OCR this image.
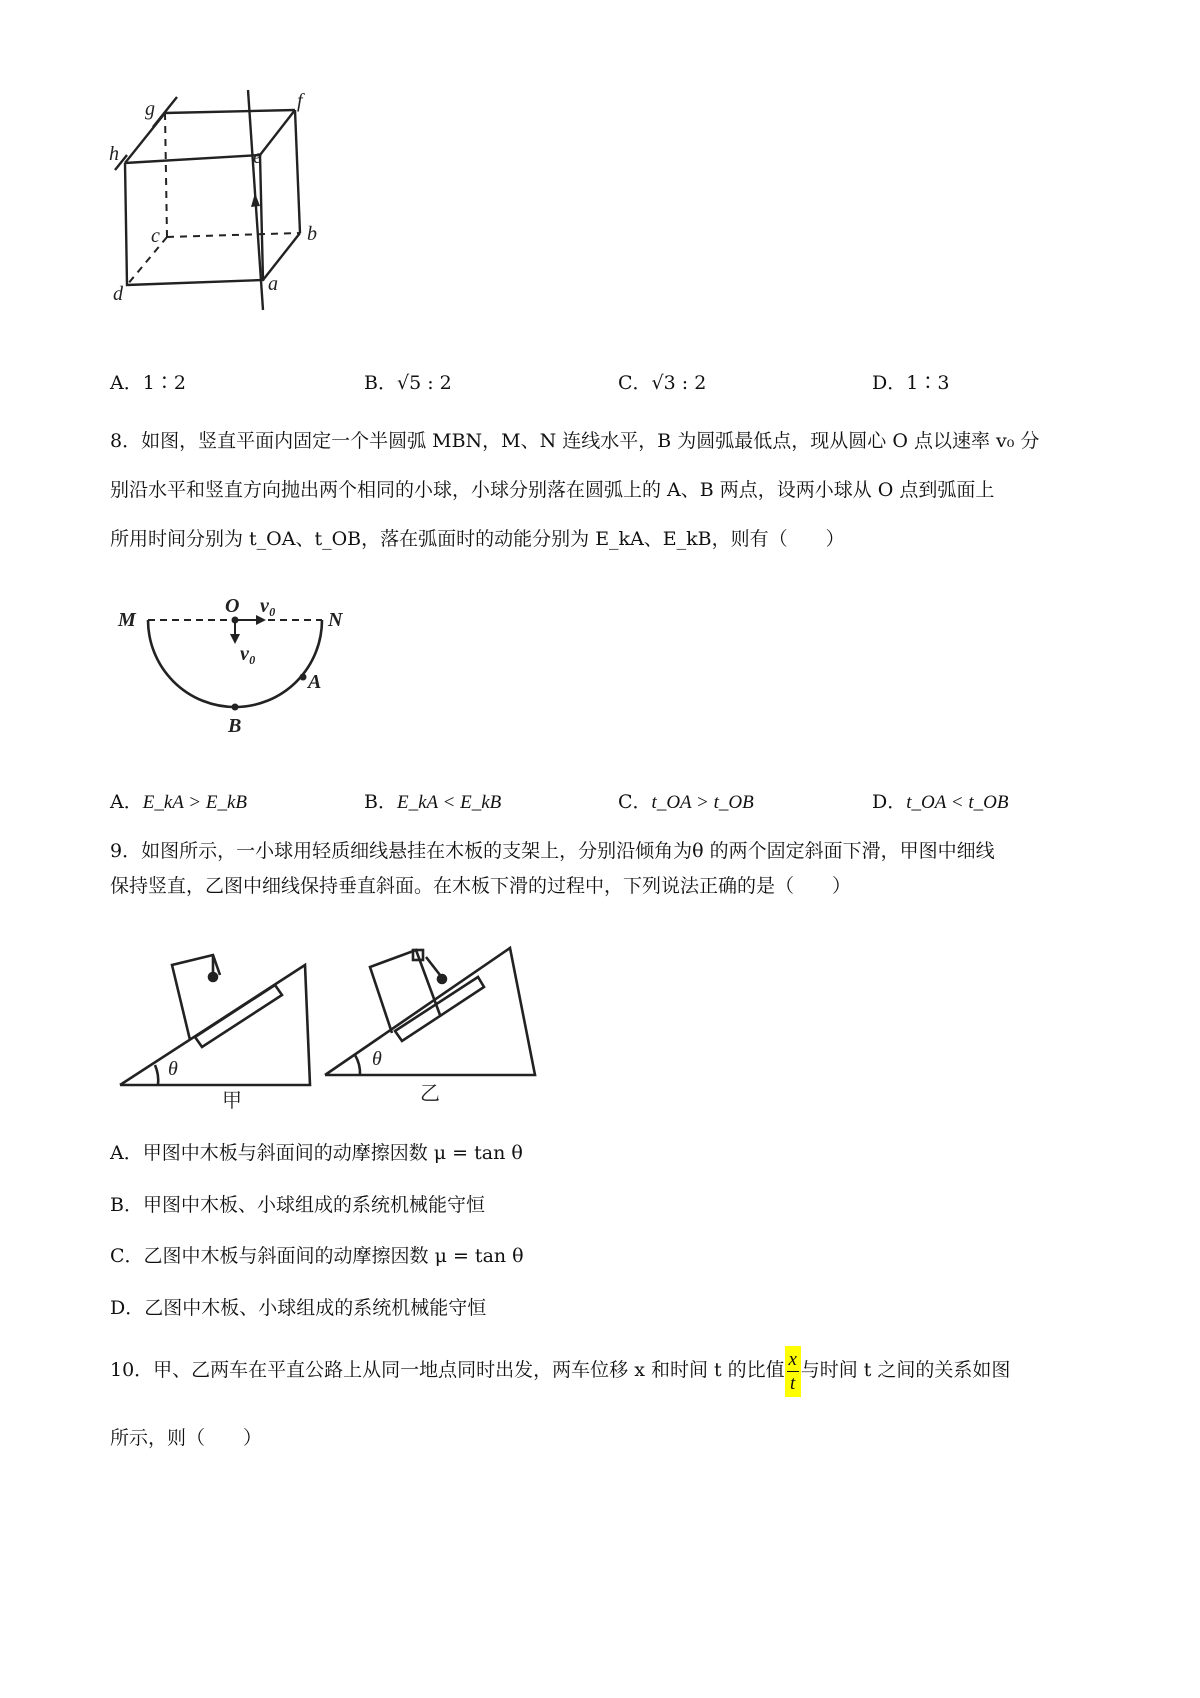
g	f
h	e
c	b
d	a
A．1∶2	B．√5 : 2	C．√3 : 2	D．1∶3
8．如图，竖直平面内固定一个半圆弧 MBN，M、N 连线水平，B 为圆弧最低点，现从圆心 O 点以速率 v₀ 分
别沿水平和竖直方向抛出两个相同的小球，小球分别落在圆弧上的 A、B 两点，设两小球从 O 点到弧面上
所用时间分别为 t_OA、t_OB，落在弧面时的动能分别为 E_kA、E_kB，则有（　　）
M
O v₀
N
v₀
A
B
A．E_kA > E_kB	B．E_kA < E_kB	C．t_OA > t_OB	D．t_OA < t_OB
9．如图所示，一小球用轻质细线悬挂在木板的支架上，分别沿倾角为θ 的两个固定斜面下滑，甲图中细线
保持竖直，乙图中细线保持垂直斜面。在木板下滑的过程中，下列说法正确的是（　　）
θ	θ
甲	乙
A．甲图中木板与斜面间的动摩擦因数 μ = tan θ
B．甲图中木板、小球组成的系统机械能守恒
C．乙图中木板与斜面间的动摩擦因数 μ = tan θ
D．乙图中木板、小球组成的系统机械能守恒
10．甲、乙两车在平直公路上从同一地点同时出发，两车位移 x 和时间 t 的比值$\frac{x}{t}$与时间 t 之间的关系如图
所示，则（　　）
